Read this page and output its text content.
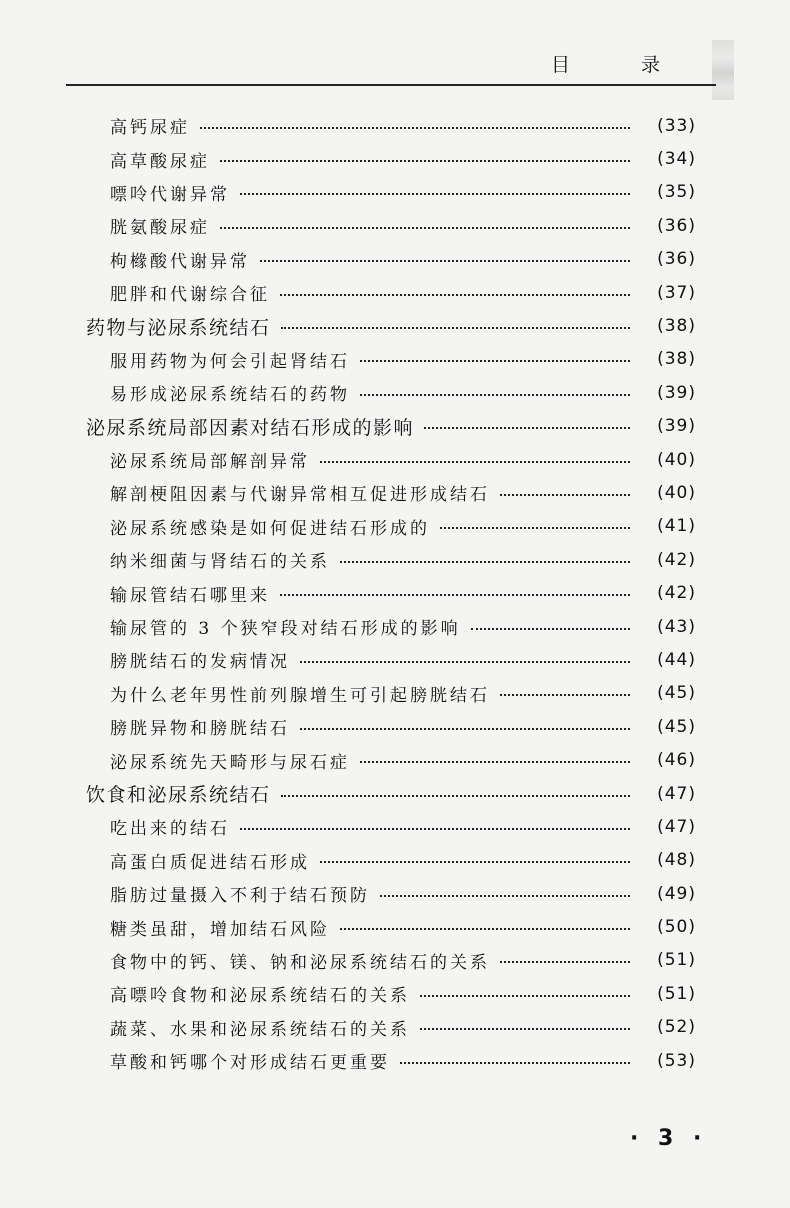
目　录
高钙尿症	(33)
高草酸尿症	(34)
嘌呤代谢异常	(35)
胱氨酸尿症	(36)
枸橼酸代谢异常	(36)
肥胖和代谢综合征	(37)
药物与泌尿系统结石	(38)
服用药物为何会引起肾结石	(38)
易形成泌尿系统结石的药物	(39)
泌尿系统局部因素对结石形成的影响	(39)
泌尿系统局部解剖异常	(40)
解剖梗阻因素与代谢异常相互促进形成结石	(40)
泌尿系统感染是如何促进结石形成的	(41)
纳米细菌与肾结石的关系	(42)
输尿管结石哪里来	(42)
输尿管的 3 个狭窄段对结石形成的影响	(43)
膀胱结石的发病情况	(44)
为什么老年男性前列腺增生可引起膀胱结石	(45)
膀胱异物和膀胱结石	(45)
泌尿系统先天畸形与尿石症	(46)
饮食和泌尿系统结石	(47)
吃出来的结石	(47)
高蛋白质促进结石形成	(48)
脂肪过量摄入不利于结石预防	(49)
糖类虽甜，增加结石风险	(50)
食物中的钙、镁、钠和泌尿系统结石的关系	(51)
高嘌呤食物和泌尿系统结石的关系	(51)
蔬菜、水果和泌尿系统结石的关系	(52)
草酸和钙哪个对形成结石更重要	(53)
· 3 ·
